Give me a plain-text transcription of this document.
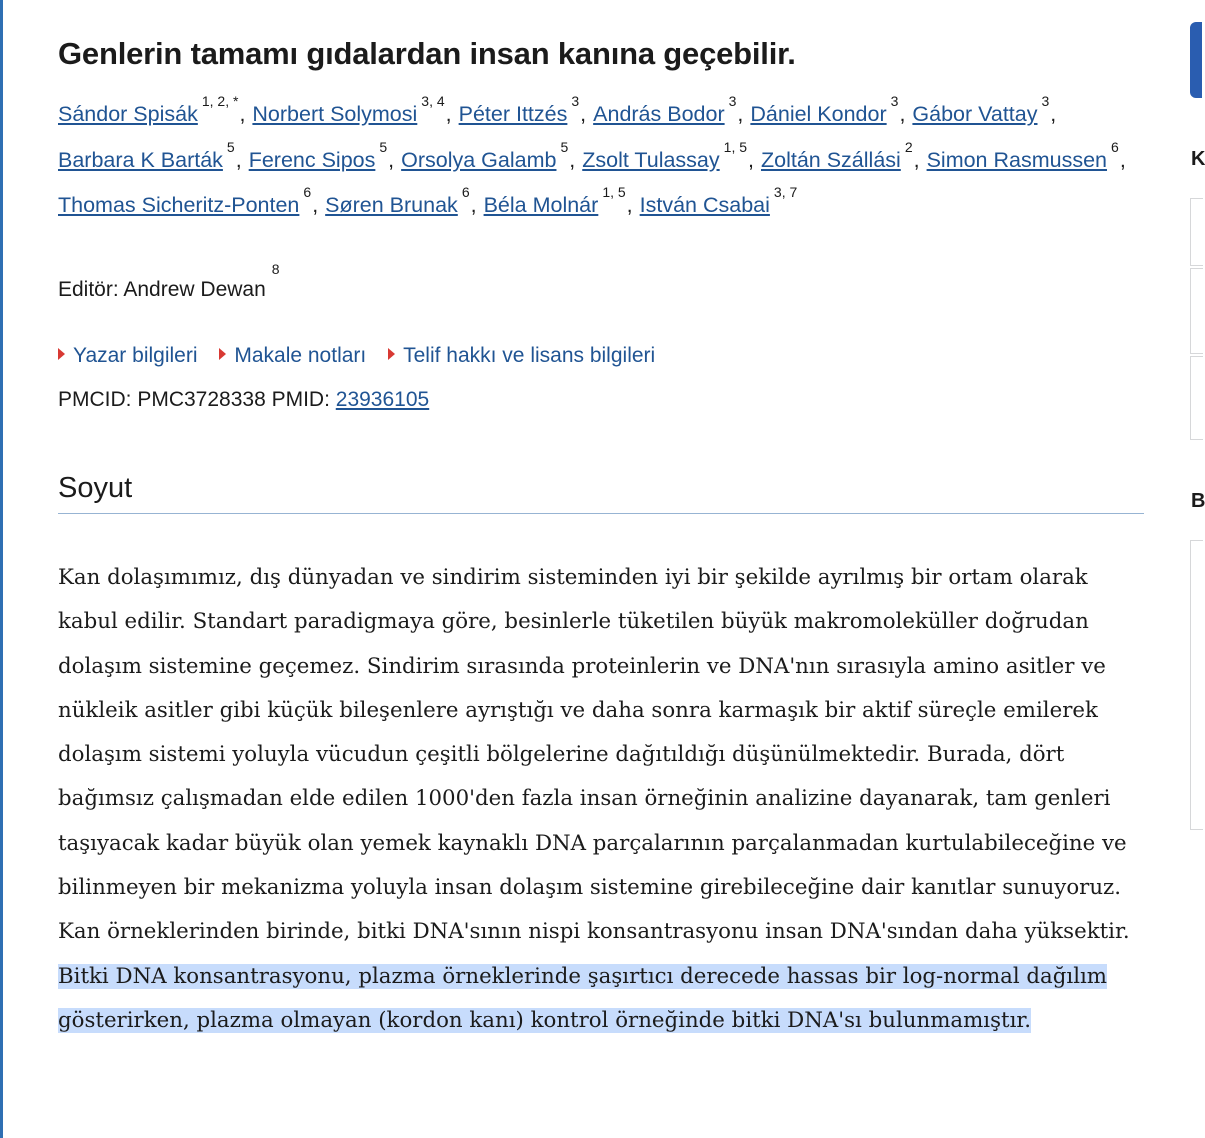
Genlerin tamamı gıdalardan insan kanına geçebilir.
Sándor Spisák$^{1, 2, *}$, Norbert Solymosi$^{3, 4}$, Péter Ittzés$^3$, András Bodor$^3$, Dániel Kondor$^3$, Gábor Vattay$^3$,
Barbara K Barták$^5$, Ferenc Sipos$^5$, Orsolya Galamb$^5$, Zsolt Tulassay$^{1, 5}$, Zoltán Szállási$^2$, Simon Rasmussen$^6$,
Thomas Sicheritz-Ponten$^6$, Søren Brunak$^6$, Béla Molnár$^{1, 5}$, István Csabai$^{3, 7}$
Editör: Andrew Dewan$^8$
Yazar bilgileri Makale notları Telif hakkı ve lisans bilgileri
PMCID: PMC3728338 PMID: 23936105
Soyut

Kan dolaşımımız, dış dünyadan ve sindirim sisteminden iyi bir şekilde ayrılmış bir ortam olarak kabul edilir. Standart paradigmaya göre, besinlerle tüketilen büyük makromoleküller doğrudan dolaşım sistemine geçemez. Sindirim sırasında proteinlerin ve DNA'nın sırasıyla amino asitler ve nükleik asitler gibi küçük bileşenlere ayrıştığı ve daha sonra karmaşık bir aktif süreçle emilerek dolaşım sistemi yoluyla vücudun çeşitli bölgelerine dağıtıldığı düşünülmektedir. Burada, dört bağımsız çalışmadan elde edilen 1000'den fazla insan örneğinin analizine dayanarak, tam genleri taşıyacak kadar büyük olan yemek kaynaklı DNA parçalarının parçalanmadan kurtulabileceğine ve bilinmeyen bir mekanizma yoluyla insan dolaşım sistemine girebileceğine dair kanıtlar sunuyoruz. Kan örneklerinden birinde, bitki DNA'sının nispi konsantrasyonu insan DNA'sından daha yüksektir. Bitki DNA konsantrasyonu, plazma örneklerinde şaşırtıcı derecede hassas bir log-normal dağılım gösterirken, plazma olmayan (kordon kanı) kontrol örneğinde bitki DNA'sı bulunmamıştır.

K
B
